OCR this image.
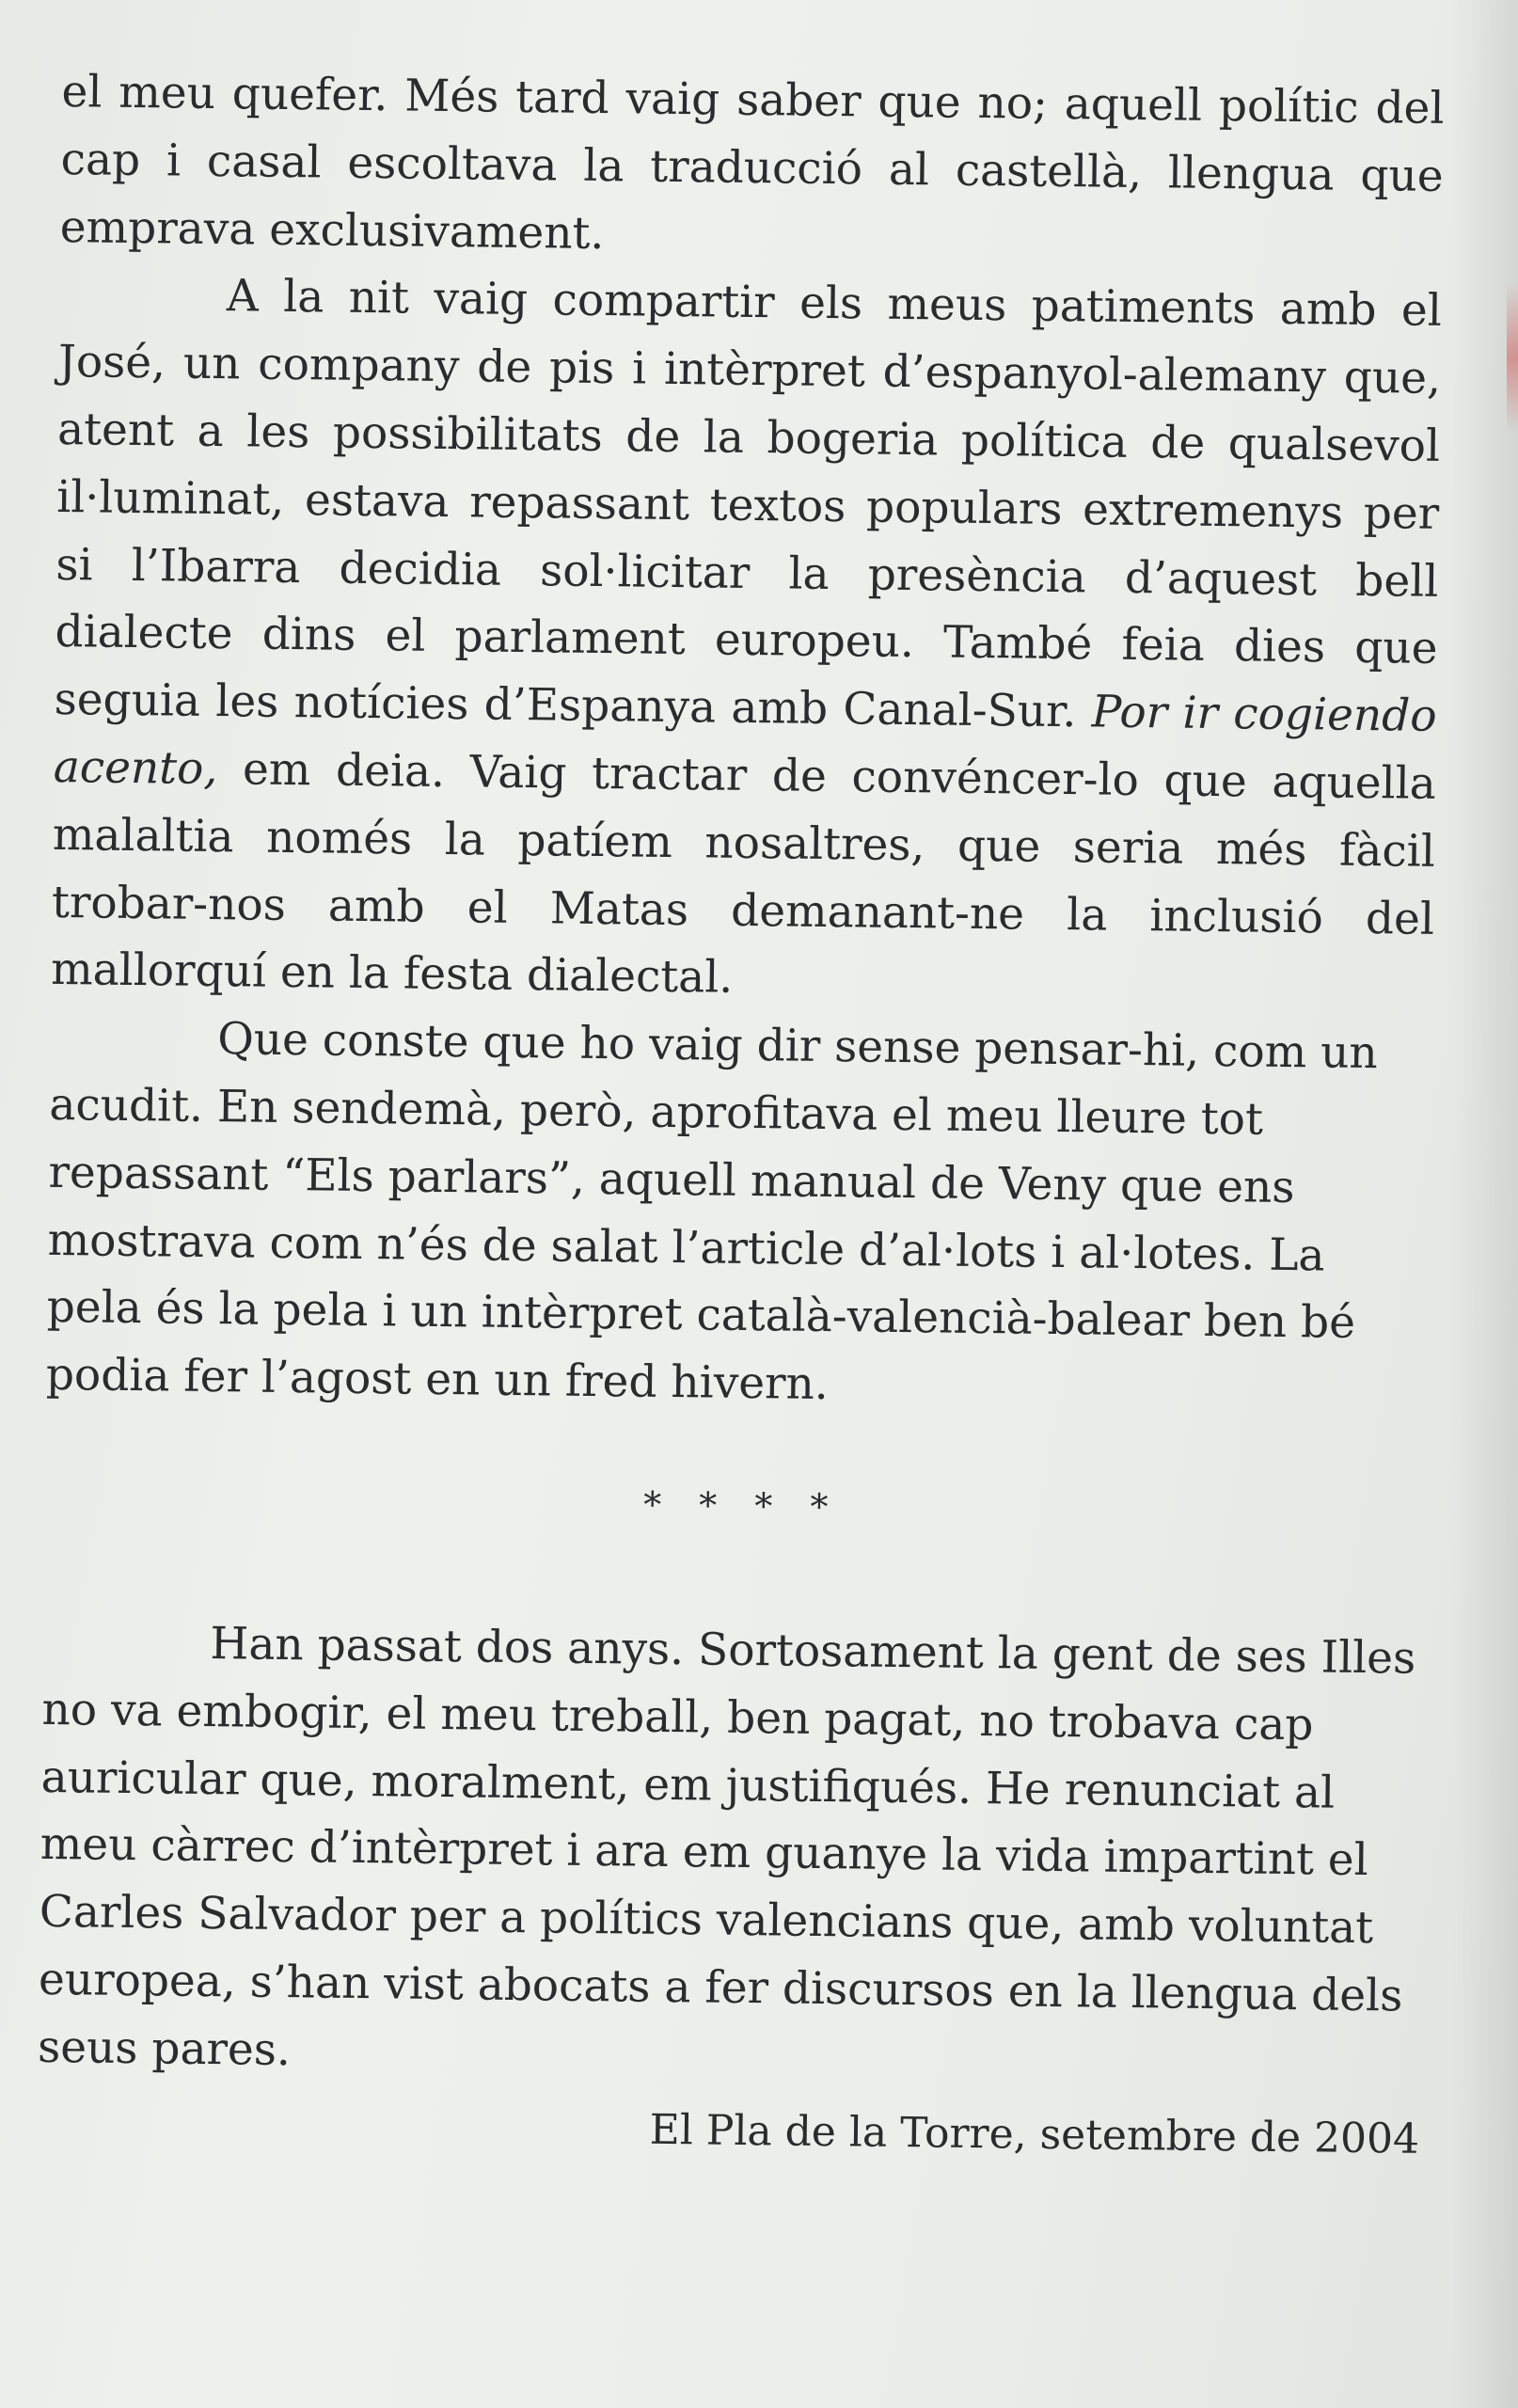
el meu quefer. Més tard vaig saber que no; aquell polític del cap i casal escoltava la traducció al castellà, llengua que emprava exclusivament.

A la nit vaig compartir els meus patiments amb el José, un company de pis i intèrpret d’espanyol-alemany que, atent a les possibilitats de la bogeria política de qualsevol il·luminat, estava repassant textos populars extremenys per si l’Ibarra decidia sol·licitar la presència d’aquest bell dialecte dins el parlament europeu. També feia dies que seguia les notícies d’Espanya amb Canal-Sur. Por ir cogiendo acento, em deia. Vaig tractar de convéncer-lo que aquella malaltia només la patíem nosaltres, que seria més fàcil trobar-nos amb el Matas demanant-ne la inclusió del mallorquí en la festa dialectal.

Que conste que ho vaig dir sense pensar-hi, com un acudit. En sendemà, però, aprofitava el meu lleure tot repassant “Els parlars”, aquell manual de Veny que ens mostrava com n’és de salat l’article d’al·lots i al·lotes. La pela és la pela i un intèrpret català-valencià-balear ben bé podia fer l’agost en un fred hivern.

* * * *

Han passat dos anys. Sortosament la gent de ses Illes no va embogir, el meu treball, ben pagat, no trobava cap auricular que, moralment, em justifiqués. He renunciat al meu càrrec d’intèrpret i ara em guanye la vida impartint el Carles Salvador per a polítics valencians que, amb voluntat europea, s’han vist abocats a fer discursos en la llengua dels seus pares.

El Pla de la Torre, setembre de 2004
